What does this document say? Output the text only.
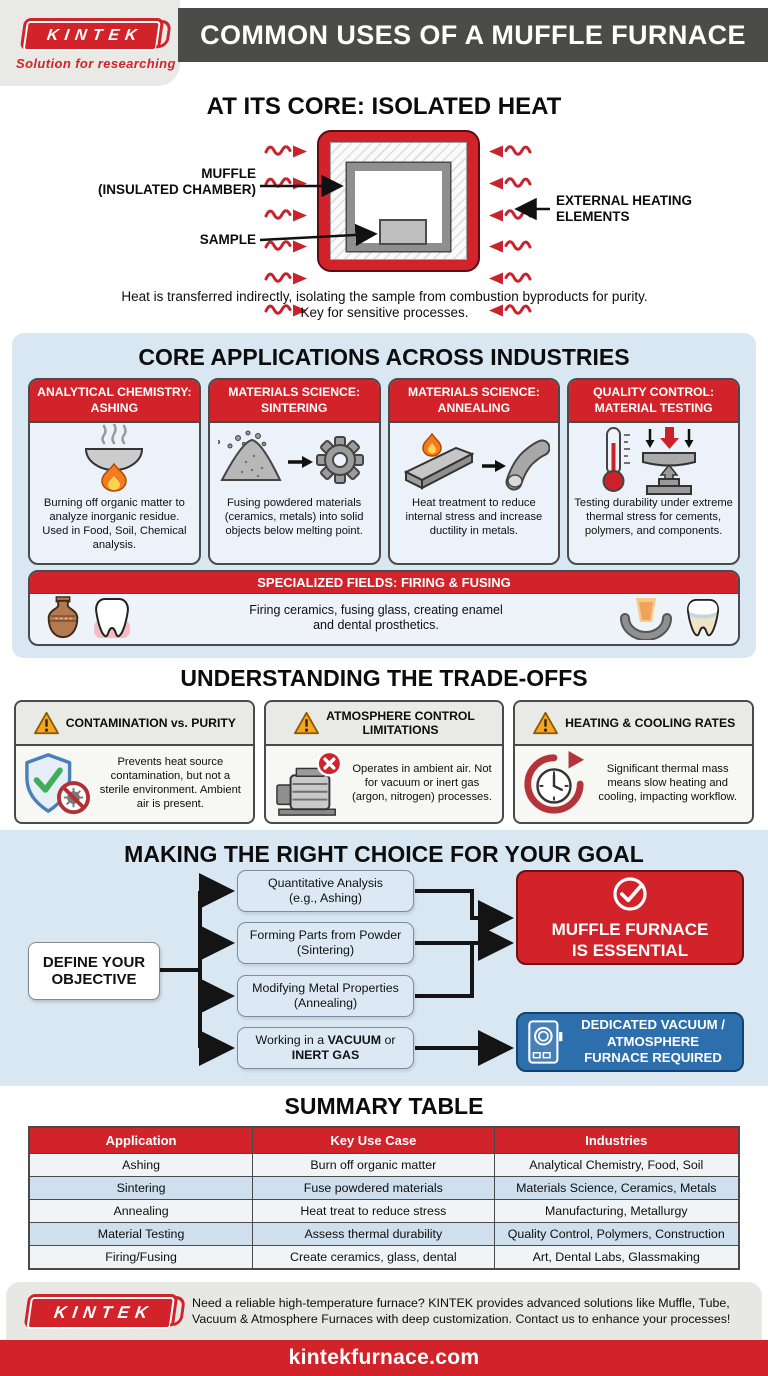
KINTEK
Solution for researching
COMMON USES OF A MUFFLE FURNACE
AT ITS CORE: ISOLATED HEAT
MUFFLE
(INSULATED CHAMBER)
SAMPLE
EXTERNAL HEATING
ELEMENTS
Heat is transferred indirectly, isolating the sample from combustion byproducts for purity. Key for sensitive processes.
CORE APPLICATIONS ACROSS INDUSTRIES
ANALYTICAL CHEMISTRY:
ASHING
Burning off organic matter to analyze inorganic residue. Used in Food, Soil, Chemical analysis.
MATERIALS SCIENCE:
SINTERING
Fusing powdered materials (ceramics, metals) into solid objects below melting point.
MATERIALS SCIENCE:
ANNEALING
Heat treatment to reduce internal stress and increase ductility in metals.
QUALITY CONTROL:
MATERIAL TESTING
Testing durability under extreme thermal stress for cements, polymers, and components.
SPECIALIZED FIELDS: FIRING & FUSING
Firing ceramics, fusing glass, creating enamel and dental prosthetics.
UNDERSTANDING THE TRADE-OFFS
CONTAMINATION vs. PURITY
Prevents heat source contamination, but not a sterile environment. Ambient air is present.
ATMOSPHERE CONTROL LIMITATIONS
Operates in ambient air. Not for vacuum or inert gas (argon, nitrogen) processes.
HEATING & COOLING RATES
Significant thermal mass means slow heating and cooling, impacting workflow.
MAKING THE RIGHT CHOICE FOR YOUR GOAL
DEFINE YOUR
OBJECTIVE
Quantitative Analysis
(e.g., Ashing)
Forming Parts from Powder
(Sintering)
Modifying Metal Properties
(Annealing)
Working in a VACUUM or
INERT GAS
MUFFLE FURNACE
IS ESSENTIAL
DEDICATED VACUUM /
ATMOSPHERE
FURNACE REQUIRED
SUMMARY TABLE
Application	Key Use Case	Industries
Ashing	Burn off organic matter	Analytical Chemistry, Food, Soil
Sintering	Fuse powdered materials	Materials Science, Ceramics, Metals
Annealing	Heat treat to reduce stress	Manufacturing, Metallurgy
Material Testing	Assess thermal durability	Quality Control, Polymers, Construction
Firing/Fusing	Create ceramics, glass, dental	Art, Dental Labs, Glassmaking
KINTEK
Need a reliable high-temperature furnace? KINTEK provides advanced solutions like Muffle, Tube, Vacuum & Atmosphere Furnaces with deep customization. Contact us to enhance your processes!
kintekfurnace.com
